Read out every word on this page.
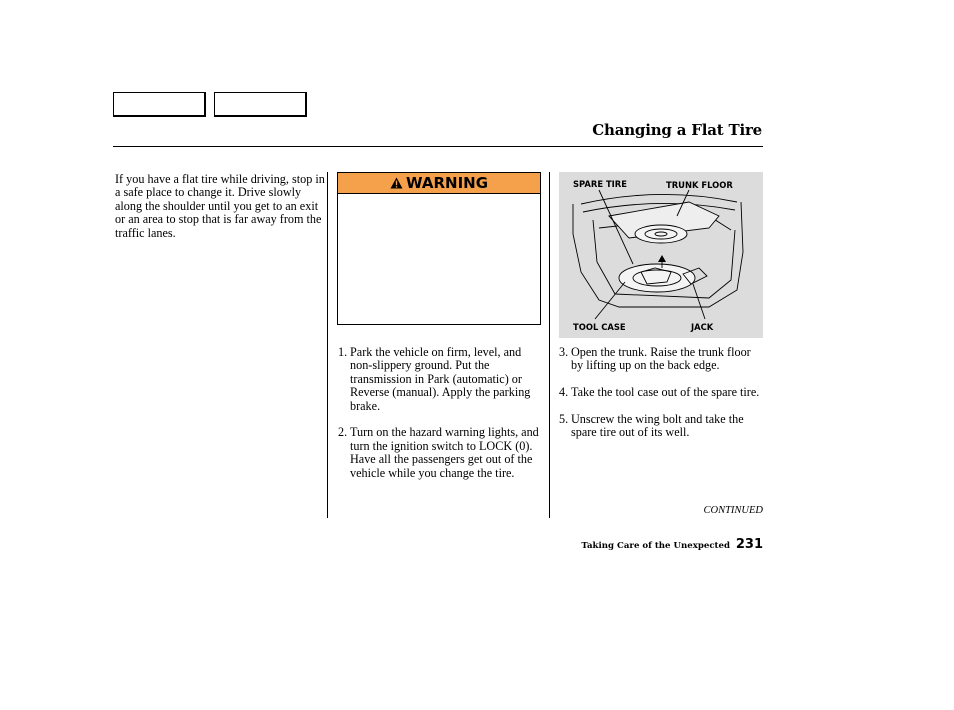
Changing a Flat Tire
If you have a flat tire while driving, stop in a safe place to change it. Drive slowly along the shoulder until you get to an exit or an area to stop that is far away from the traffic lanes.
WARNING	SPARE TIRE	TRUNK FLOOR
TOOL CASE	JACK
1. Park the vehicle on firm, level, and non-slippery ground. Put the transmission in Park (automatic) or Reverse (manual). Apply the parking brake.
2. Turn on the hazard warning lights, and turn the ignition switch to LOCK (0). Have all the passengers get out of the vehicle while you change the tire.
3. Open the trunk. Raise the trunk floor by lifting up on the back edge.
4. Take the tool case out of the spare tire.
5. Unscrew the wing bolt and take the spare tire out of its well.
CONTINUED
Taking Care of the Unexpected 231
